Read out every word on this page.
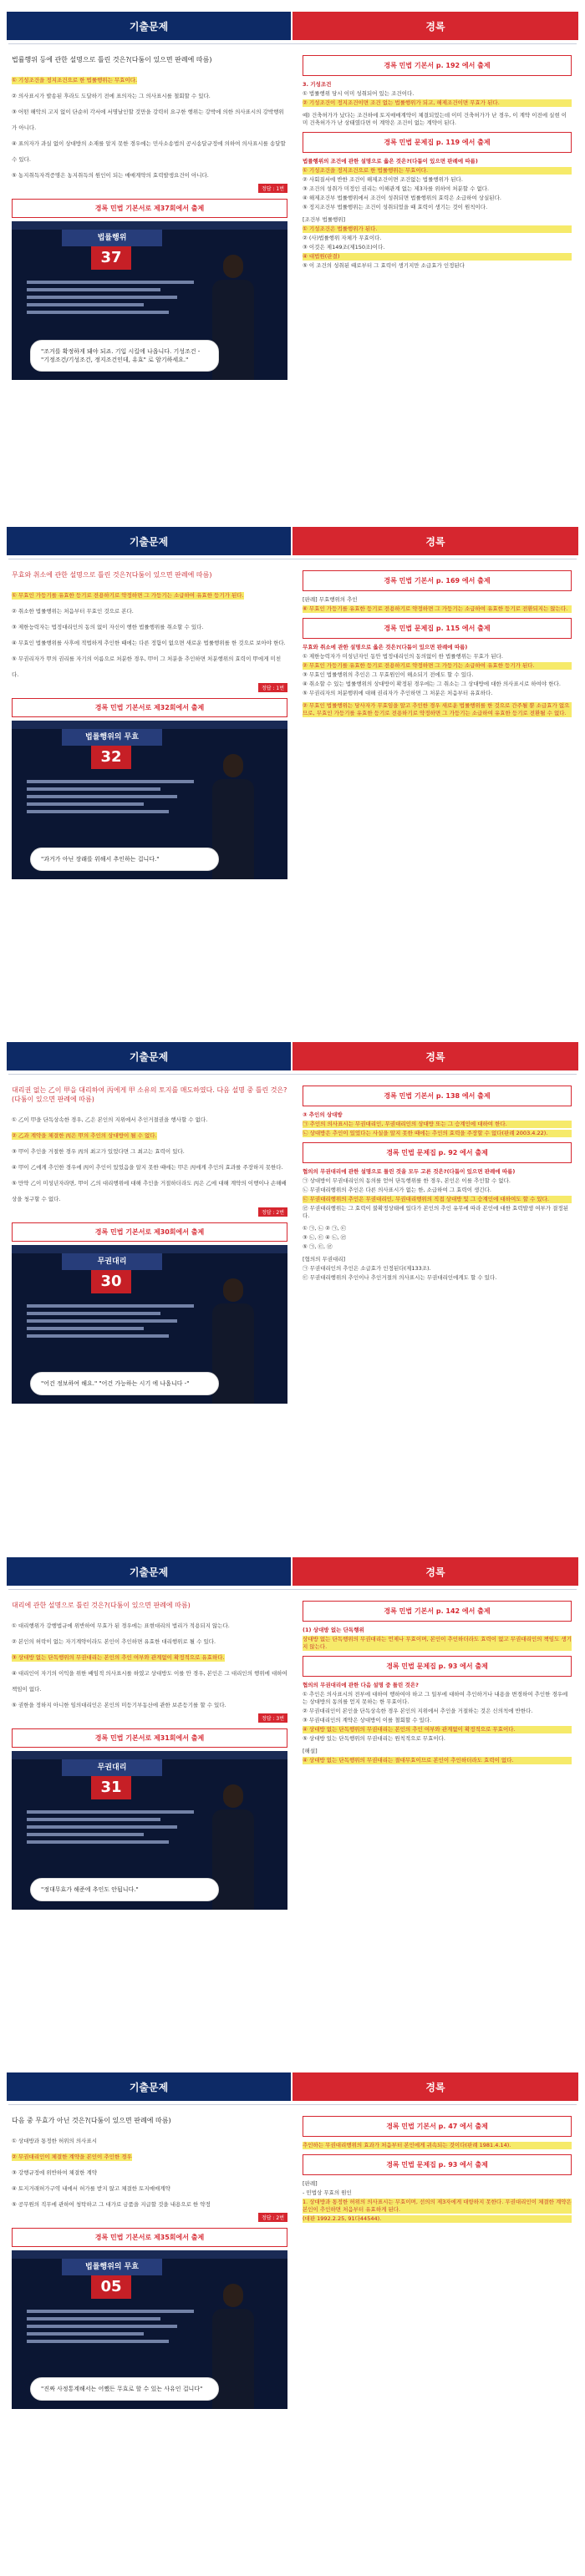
기출문제	경록
법률행위 등에 관한 설명으로 틀린 것은?(다툼이 있으면 판례에 따름)
① 기성조건을 정지조건으로 한 법률행위는 무효이다.
② 의사표시가 발송된 후라도 도달하기 전에 표의자는 그 의사표시를 철회할 수 있다.
③ 어떤 해악의 고지 없이 단순히 각서에 서명날인할 것만을 강력히 요구한 행위는 강박에 의한 의사표시의 강박행위가 아니다.
④ 표의자가 과실 없이 상대방의 소재를 알지 못한 경우에는 민사소송법의 공시송달규정에 의하여 의사표시를 송달할 수 있다.
⑤ 농지취득자격증명은 농지취득의 원인이 되는 매매계약의 효력발생요건이 아니다.
정답 : 1번
경록 민법 기본서로 제37회에서 출제
법률행위
37
"조거를 확정하게 돼야 되죠. 기입 시킬에 나옵니다. 기성조건 - "기정조건/기성조건, 정지조건인데, 유효" 로 암기하세요."
경록 민법 기본서 p. 192 에서 출제
3. 기성조건
① 법률행위 당시 이미 성취되어 있는 조건이다.
② 기성조건이 정지조건이면 조건 없는 법률행위가 되고, 해제조건이면 무효가 된다.
예) 건축허가가 났다는 조건하에 토지매매계약이 체결되었는데 이미 건축허가가 난 경우, 이 계약 이전에 실현 이미 건축허가가 난 상태였다면 이 계약은 조건이 없는 계약이 된다.
경록 민법 문제집 p. 119 에서 출제
법률행위의 조건에 관한 설명으로 옳은 것은?(다툼이 있으면 판례에 따름)
① 기성조건을 정지조건으로 한 법률행위는 무효이다.
② 사회질서에 반한 조건이 해제조건이면 조건없는 법률행위가 된다.
③ 조건의 성취가 미정인 권리는 이해관계 없는 제3자를 위하여 처분할 수 없다.
④ 해제조건부 법률행위에서 조건이 성취되면 법률행위의 효력은 소급하여 상실된다.
⑤ 정지조건부 법률행위는 조건이 성취되었을 때 효력이 생기는 것이 원칙이다.
[조건부 법률행위]
① 기성조건은 법률행위가 된다.
② (사)법률행위 자체가 무효이다.
③ 이것은 제149조(제150조)이다.
④ 대법원(판결)
⑤ 이 조건의 성취된 때로부터 그 효력이 생기지만 소급효가 인정된다
기출문제	경록
무효와 취소에 관한 설명으로 틀린 것은?(다툼이 있으면 판례에 따름)
① 무효인 가등기를 유효한 등기로 전용하기로 약정하면 그 가등기는 소급하여 유효한 등기가 된다.
② 취소한 법률행위는 처음부터 무효인 것으로 본다.
③ 제한능력자는 법정대리인의 동의 없이 자신이 행한 법률행위를 취소할 수 있다.
④ 무효인 법률행위를 사후에 적법하게 추인한 때에는 다른 정함이 없으면 새로운 법률행위를 한 것으로 보아야 한다.
⑤ 무권리자가 甲의 권리를 자기의 이름으로 처분한 경우, 甲이 그 처분을 추인하면 처분행위의 효력이 甲에게 미친다.
정답 : 1번
경록 민법 기본서로 제32회에서 출제
법률행위의 무효
32
"과거가 아닌 장래를 위해서 추인하는 겁니다."
경록 민법 기본서 p. 169 에서 출제
[판례] 무효행위의 추인
⑥ 무효인 가등기를 유효한 등기로 전용하기로 약정하면 그 가등기는 소급하여 유효한 등기로 전환되지는 않는다.
경록 민법 문제집 p. 115 에서 출제
무효와 취소에 관한 설명으로 옳은 것은?(다툼이 있으면 판례에 따름)
① 제한능력자가 미성년자인 동안 법정대리인의 동의없이 한 법률행위는 무효가 된다.
② 무효인 가등기를 유효한 등기로 전용하기로 약정하면 그 가등기는 소급하여 유효한 등기가 된다.
③ 무효인 법률행위의 추인은 그 무효원인이 해소되기 전에도 할 수 있다.
④ 취소할 수 있는 법률행위의 상대방이 확정된 경우에는 그 취소는 그 상대방에 대한 의사표시로 하여야 한다.
⑤ 무권리자의 처분행위에 대해 권리자가 추인하면 그 처분은 처음부터 유효하다.
② 무효인 법률행위는 당사자가 무효임을 알고 추인한 경우 새로운 법률행위를 한 것으로 간주될 뿐 소급효가 없으므로, 무효인 가등기를 유효한 등기로 전용하기로 약정하면 그 가등기는 소급하여 유효한 등기로 전환될 수 없다.
기출문제	경록
대리권 없는 乙이 甲을 대리하여 丙에게 甲 소유의 토지를 매도하였다. 다음 설명 중 틀린 것은?(다툼이 있으면 판례에 따름)
① 乙이 甲을 단독상속한 경우, 乙은 본인의 지위에서 추인거절권을 행사할 수 없다.
② 乙과 계약을 체결한 丙은 甲의 추인의 상대방이 될 수 없다.
③ 甲이 추인을 거절한 경우 丙의 최고가 있었다면 그 최고는 효력이 있다.
④ 甲이 乙에게 추인한 경우에 丙이 추인이 있었음을 알지 못한 때에는 甲은 丙에게 추인의 효과를 주장하지 못한다.
⑤ 만약 乙이 미성년자라면, 甲이 乙의 대리행위에 대해 추인을 거절하더라도 丙은 乙에 대해 계약의 이행이나 손해배상을 청구할 수 없다.
정답 : 2번
경록 민법 기본서로 제30회에서 출제
무권대리
30
"어건 정보하여 해요." "어건 가능하는 시기 에 나옵니다 -"
경록 민법 기본서 p. 138 에서 출제
③ 추인의 상대방
㉠ 추인의 의사표시는 무권대리인, 무권대리인의 상대방 또는 그 승계인에 대하여 한다.
㉡ 상대방은 추인이 있었다는 사실을 알지 못한 때에는 추인의 효력을 주장할 수 없다(판례 2003.4.22).
경록 민법 문제집 p. 92 에서 출제
협의의 무권대리에 관한 설명으로 틀린 것을 모두 고른 것은?(다툼이 있으면 판례에 따름)
㉠ 상대방이 무권대리인의 동의를 얻어 단독행위를 한 경우, 본인은 이를 추인할 수 없다.
㉡ 무권대리행위의 추인은 다른 의사표시가 없는 한, 소급하여 그 효력이 생긴다.
㉢ 무권대리행위의 추인은 무권대리인, 무권대리행위의 직접 상대방 및 그 승계인에 대하여도 할 수 있다.
㉣ 무권대리행위는 그 효력이 불확정상태에 있다가 본인의 추인 유무에 따라 본인에 대한 효력발생 여부가 결정된다.
① ㉠, ㉡ ② ㉠, ㉢
③ ㉡, ㉢ ④ ㉡, ㉣
⑤ ㉠, ㉢, ㉣
[협의의 무권대리]
㉠ 무권대리인의 추인은 소급효가 인정된다(제133조).
㉢ 무권대리행위의 추인이나 추인거절의 의사표시는 무권대리인에게도 할 수 있다.
기출문제	경록
대리에 관한 설명으로 틀린 것은?(다툼이 있으면 판례에 따름)
① 대리행위가 강행법규에 위반하여 무효가 된 경우에는 표현대리의 법리가 적용되지 않는다.
② 본인의 허락이 없는 자기계약이라도 본인이 추인하면 유효한 대리행위로 될 수 있다.
③ 상대방 없는 단독행위의 무권대리는 본인의 추인 여부와 관계없이 확정적으로 유효하다.
④ 대리인이 자기의 이익을 위한 배임적 의사표시를 하였고 상대방도 이를 안 경우, 본인은 그 대리인의 행위에 대하여 책임이 없다.
⑤ 권한을 정하지 아니한 임의대리인은 본인의 미등기부동산에 관한 보존등기를 할 수 있다.
정답 : 3번
경록 민법 기본서로 제31회에서 출제
무권대리
31
"정대무효가 해준에 추인도 안됩니다."
경록 민법 기본서 p. 142 에서 출제
(1) 상대방 없는 단독행위
상대방 없는 단독행위의 무권대리는 언제나 무효이며, 본인이 추인하더라도 효력이 없고 무권대리인의 책임도 생기지 않는다.
경록 민법 문제집 p. 93 에서 출제
협의의 무권대리에 관한 다음 설명 중 틀린 것은?
① 추인은 의사표시의 전부에 대하여 행하여야 하고 그 일부에 대하여 추인하거나 내용을 변경하여 추인한 경우에는 상대방의 동의를 얻지 못하는 한 무효이다.
② 무권대리인이 본인을 단독상속한 경우 본인의 지위에서 추인을 거절하는 것은 신의칙에 반한다.
③ 무권대리인의 계약은 상대방이 이를 철회할 수 있다.
④ 상대방 없는 단독행위의 무권대리는 본인의 추인 여부와 관계없이 확정적으로 무효이다.
⑤ 상대방 있는 단독행위의 무권대리는 원칙적으로 무효이다.
[해설]
④ 상대방 없는 단독행위의 무권대리는 절대무효이므로 본인이 추인하더라도 효력이 없다.
기출문제	경록
다음 중 무효가 아닌 것은?(다툼이 있으면 판례에 따름)
① 상대방과 통정한 허위의 의사표시
② 무권대리인이 체결한 계약을 본인이 추인한 경우
③ 강행규정에 위반하여 체결한 계약
④ 토지거래허가구역 내에서 허가를 받지 않고 체결한 토지매매계약
⑤ 공무원의 직무에 관하여 청탁하고 그 대가로 금품을 지급할 것을 내용으로 한 약정
정답 : 2번
경록 민법 기본서로 제35회에서 출제
법률행위의 무효
05
"진짜 사정통계해서는 어쨌든 무효로 할 수 있는 사유인 겁니다"
경록 민법 기본서 p. 47 에서 출제
추인하는 무권대리행위의 효과가 처음부터 본인에게 귀속되는 것이다(판례 1981.4.14).
경록 민법 문제집 p. 93 에서 출제
[판례]
- 민법상 무효의 원인
1. 상대방과 통정한 허위의 의사표시는 무효이며, 선의의 제3자에게 대항하지 못한다. 무권대리인이 체결한 계약은 본인이 추인하면 처음부터 유효하게 된다.
(대판 1992.2.25, 91다44544).
